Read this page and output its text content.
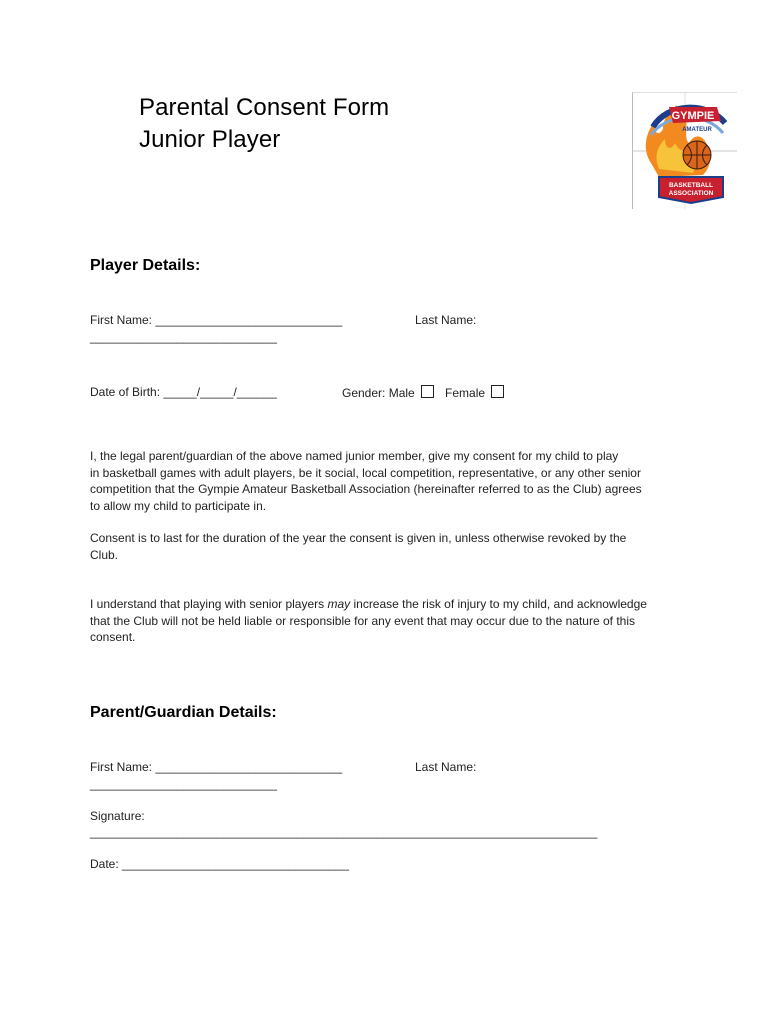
Parental Consent Form
Junior Player
GYMPIE
AMATEUR
BASKETBALL
ASSOCIATION
Player Details:
First Name: ____________________________	Last Name:
____________________________
Date of Birth: _____/_____/______	Gender: Male	Female
I, the legal parent/guardian of the above named junior member, give my consent for my child to play
in basketball games with adult players, be it social, local competition, representative, or any other senior
competition that the Gympie Amateur Basketball Association (hereinafter referred to as the Club) agrees
to allow my child to participate in.
Consent is to last for the duration of the year the consent is given in, unless otherwise revoked by the
Club.
I understand that playing with senior players may increase the risk of injury to my child, and acknowledge
that the Club will not be held liable or responsible for any event that may occur due to the nature of this
consent.
Parent/Guardian Details:
First Name: ____________________________	Last Name:
____________________________
Signature:
____________________________________________________________________________
Date: __________________________________
